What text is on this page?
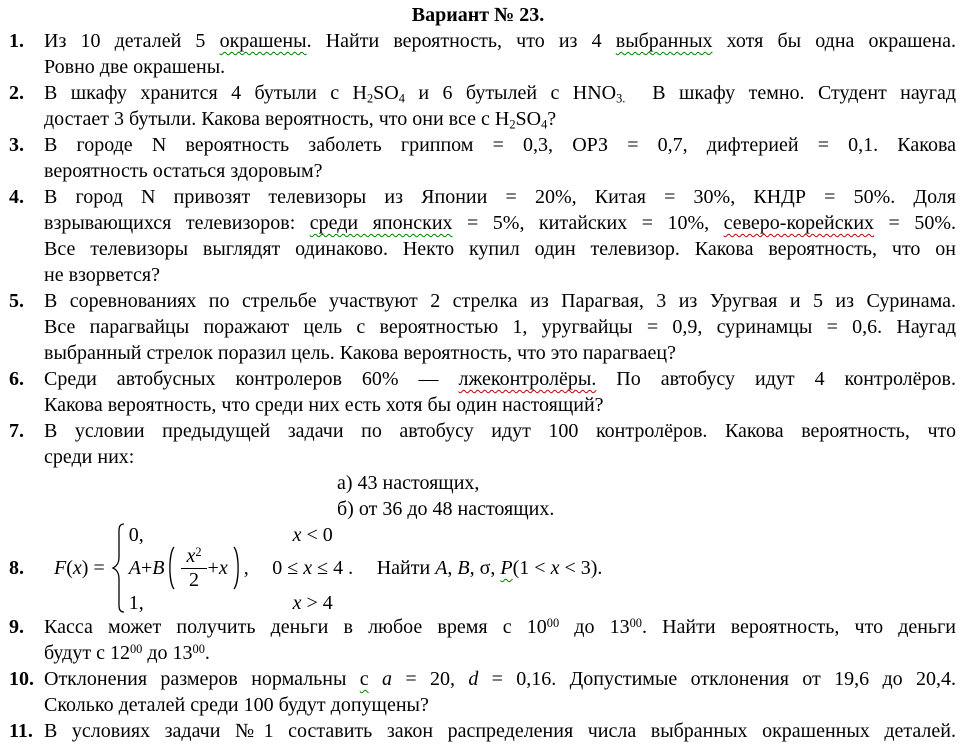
Вариант № 23.
1.	Из 10 деталей 5 окрашены. Найти вероятность, что из 4 выбранных хотя бы одна окрашена.
Ровно две окрашены.
2.	В шкафу хранится 4 бутыли с H2SO4 и 6 бутылей с HNO3.  В шкафу темно. Студент наугад
достает 3 бутыли. Какова вероятность, что они все с H2SO4?
3.	В городе N вероятность заболеть гриппом = 0,3, ОРЗ = 0,7, дифтерией = 0,1. Какова
вероятность остаться здоровым?
4.	В город N привозят телевизоры из Японии = 20%, Китая = 30%, КНДР = 50%. Доля
взрывающихся телевизоров: среди японских = 5%, китайских = 10%, северо-корейских = 50%.
Все телевизоры выглядят одинаково. Некто купил один телевизор. Какова вероятность, что он
не взорвется?
5.	В соревнованиях по стрельбе участвуют 2 стрелка из Парагвая, 3 из Уругвая и 5 из Суринама.
Все парагвайцы поражают цель с вероятностью 1, уругвайцы = 0,9, суринамцы = 0,6. Наугад
выбранный стрелок поразил цель. Какова вероятность, что это парагваец?
6.	Среди автобусных контролеров 60% — лжеконтролёры. По автобусу идут 4 контролёров.
Какова вероятность, что среди них есть хотя бы один настоящий?
7.	В условии предыдущей задачи по автобусу идут 100 контролёров. Какова вероятность, что
среди них:
а) 43 настоящих,
б) от 36 до 48 настоящих.
8.	F(x) =
0,	x < 0
A + B $\frac{x^2}{2} + x$ , 0 ≤ x ≤ 4 .
1,	x > 4
Найти A, B, σ, P(1 < x < 3).
9.	Касса может получить деньги в любое время с $10^{00}$ до $13^{00}$. Найти вероятность, что деньги
будут с $12^{00}$ до $13^{00}$.
10. Отклонения размеров нормальны с a = 20, d = 0,16. Допустимые отклонения от 19,6 до 20,4.
Сколько деталей среди 100 будут допущены?
11. В условиях задачи №1 составить закон распределения числа выбранных окрашенных деталей.
